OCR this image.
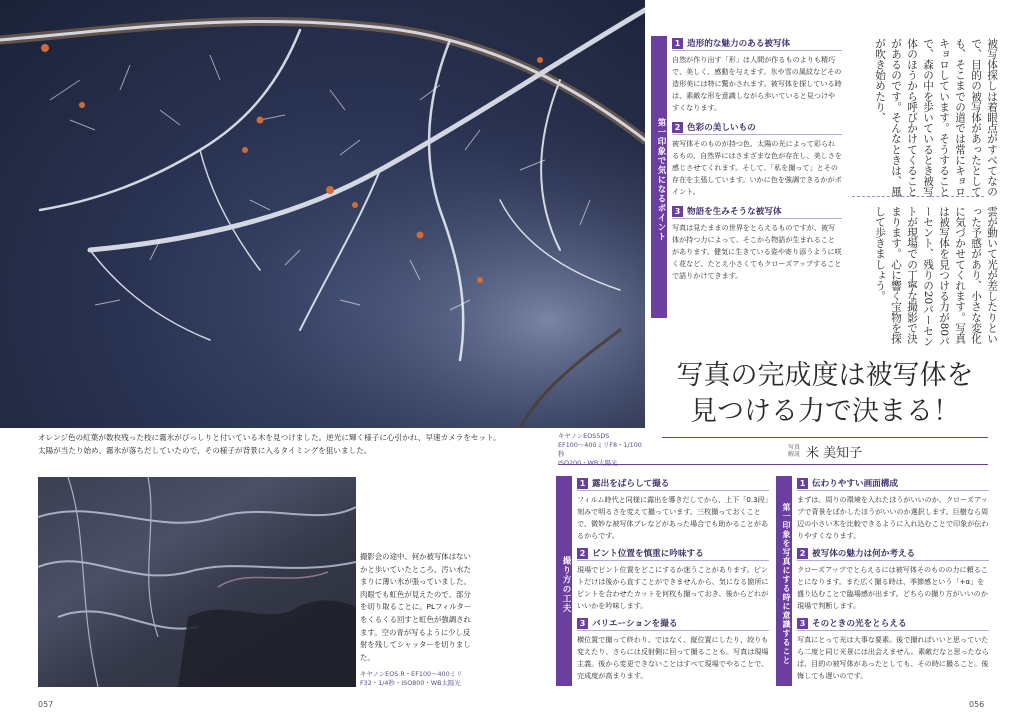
オレンジ色の紅葉が数枚残った枝に霧氷がびっしりと付いている木を見つけました。逆光に輝く様子に心引かれ、早速カメラをセット。太陽が当たり始め、霧氷が落ちだしていたので、その様子が背景に入るタイミングを狙いました。
キヤノンEOS5DS
EF100〜400ミリF8・1/100秒
ISO200・WB太陽光
撮影会の途中、何か被写体はないかと歩いていたところ、汚い水たまりに薄い氷が張っていました。肉眼でも虹色が見えたので、部分を切り取ることに。PLフィルターをくるくる回すと虹色が強調されます。空の青が写るように少し反射を残してシャッターを切りました。
キヤノンEOS R・EF100〜400ミリ
F32・1/4秒・ISO800・WB太陽光
第一印象で気になるポイント
1 造形的な魅力のある被写体
自然が作り出す「形」は人間が作るものよりも精巧で、美しく、感動を与えます。氷や雪の風紋などその造形美には特に驚かされます。被写体を探している時は、素敵な形を意識しながら歩いていると見つけやすくなります。
2 色彩の美しいもの
被写体そのものが持つ色、太陽の光によって彩られるもの、自然界にはさまざまな色が存在し、美しさを感じさせてくれます。そして、「私を撮って」とその存在を主張しています。いかに色を強調できるかがポイント。
3 物語を生みそうな被写体
写真は見たままの世界をとらえるものですが、被写体が持つ力によって、そこから物語が生まれることがあります。健気に生きている姿や寄り添うように咲く花など、たとえ小さくてもクローズアップすることで語りかけてきます。
被写体探しは着眼点がすべてなので、目的の被写体があったとしても、そこまでの道では常にキョロキョロしています。そうすることで、森の中を歩いているとき被写体のほうから呼びかけてくることがあるのです。そんなときは、風が吹き始めたり、
雲が動いて光が差したりといった予感があり、小さな変化に気づかせてくれます。写真は被写体を見つける力が80パーセント、残りの20パーセントが現場での丁寧な撮影で決まります。心に響く宝物を探して歩きましょう。
写真の完成度は被写体を
見つける力で決まる！
写真
解説 米 美知子
撮り方の工夫
1 露出をばらして撮る
フィルム時代と同様に露出を導きだしてから、上下「0.3段」刻みで明るさを変えて撮っています。三枚撮っておくことで、微妙な被写体ブレなどがあった場合でも助かることがあるからです。
2 ピント位置を慎重に吟味する
現場でピント位置をどこにするか迷うことがあります。ピントだけは後から直すことができませんから、気になる箇所にピントを合わせたカットを何枚も撮っておき、後からどれがいいかを吟味します。
3 バリエーションを撮る
横位置で撮って終わり、ではなく、縦位置にしたり、絞りも変えたり、さらには反射側に回って撮ることも。写真は現場主義。後から変更できないことはすべて現場でやることで、完成度が高まります。
第一印象を写真にする時に意識すること
1 伝わりやすい画面構成
まずは、周りの環境を入れたほうがいいのか、クローズアップで背景をぼかしたほうがいいのか選択します。巨樹なら周辺の小さい木を比較できるように入れ込むことで印象が伝わりやすくなります。
2 被写体の魅力は何か考える
クローズアップでとらえるには被写体そのものの力に頼ることになります。また広く撮る時は、季節感という「+α」を盛り込むことで臨場感が出ます。どちらの撮り方がいいのか現場で判断します。
3 そのときの光をとらえる
写真にとって光は大事な要素。後で撮ればいいと思っていたら二度と同じ光景には出会えません。素敵だなと思ったならば、目的の被写体があったとしても、その時に撮ること。後悔しても遅いのです。
057	056
